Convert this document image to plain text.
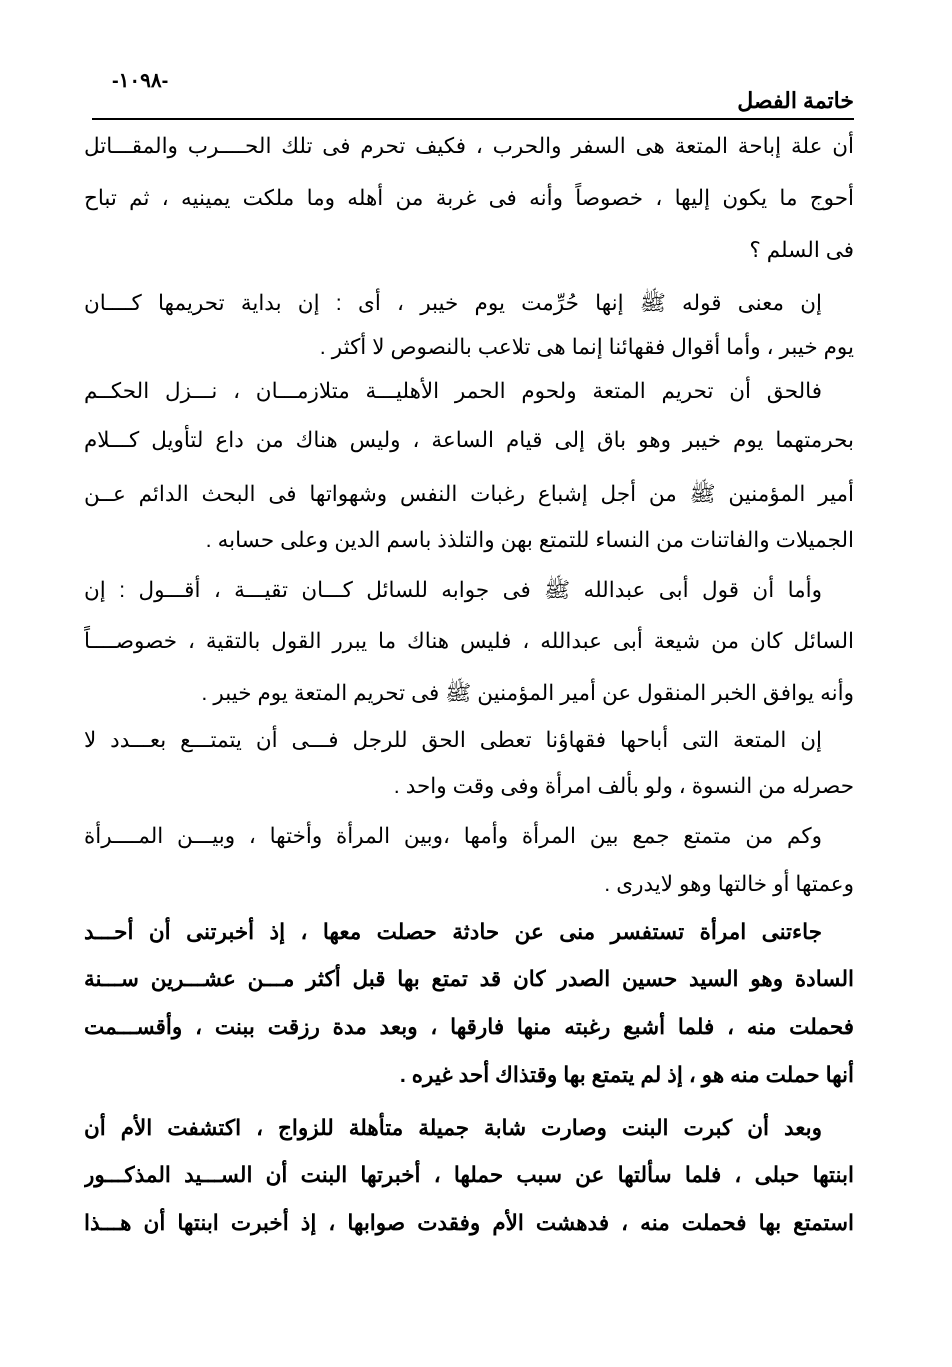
-١٠٩٨-
خاتمة الفصل
أن علة إباحة المتعة هى السفر والحرب ، فكيف تحرم فى تلك الحــــرب والمقـــاتل
أحوج ما يكون إليها ، خصوصاً وأنه فى غربة من أهله وما ملكت يمينيه ، ثم تباح
فى السلم ؟
إن معنى قوله ﷺ إنها حُرِّمت يوم خيبر ، أى : إن بداية تحريمها كــــان
يوم خيبر ، وأما أقوال فقهائنا إنما هى تلاعب بالنصوص لا أكثر .
فالحق أن تحريم المتعة ولحوم الحمر الأهليـــة متلازمـــان ، نـــزل الحكــم
بحرمتهما يوم خيبر وهو باق إلى قيام الساعة ، وليس هناك من داع لتأويل كـــلام
أمير المؤمنين ﷺ من أجل إشباع رغبات النفس وشهواتها فى البحث الدائم عــن
الجميلات والفاتنات من النساء للتمتع بهن والتلذذ باسم الدين وعلى حسابه .
وأما أن قول أبى عبدالله ﷺ فى جوابه للسائل كـــان تقيـــة ، أقـــول : إن
السائل كان من شيعة أبى عبدالله ، فليس هناك ما يبرر القول بالتقية ، خصوصــــاً
وأنه يوافق الخبر المنقول عن أمير المؤمنين ﷺ فى تحريم المتعة يوم خيبر .
إن المتعة التى أباحها فقهاؤنا تعطى الحق للرجل فـــى أن يتمتـــع بعـــدد لا
حصرله من النسوة ، ولو بألف امرأة وفى وقت واحد .
وكم من متمتع جمع بين المرأة وأمها ،وبين المرأة وأختها ، وبيـــن المــــرأة
وعمتها أو خالتها وهو لايدرى .
جاءتنى امرأة تستفسر منى عن حادثة حصلت معها ، إذ أخبرتنى أن أحـــد
السادة وهو السيد حسين الصدر كان قد تمتع بها قبل أكثر مـــن عشـــرين ســـنة
فحملت منه ، فلما أشبع رغبته منها فارقها ، وبعد مدة رزقت ببنت ، وأقســـمت
أنها حملت منه هو ، إذ لم يتمتع بها وقتذاك أحد غيره .
وبعد أن كبرت البنت وصارت شابة جميلة متأهلة للزواج ، اكتشفت الأم أن
ابنتها حبلى ، فلما سألتها عن سبب حملها ، أخبرتها البنت أن الســـيد المذكـــور
استمتع بها فحملت منه ، فدهشت الأم وفقدت صوابها ، إذ أخبرت ابنتها أن هـــذا
